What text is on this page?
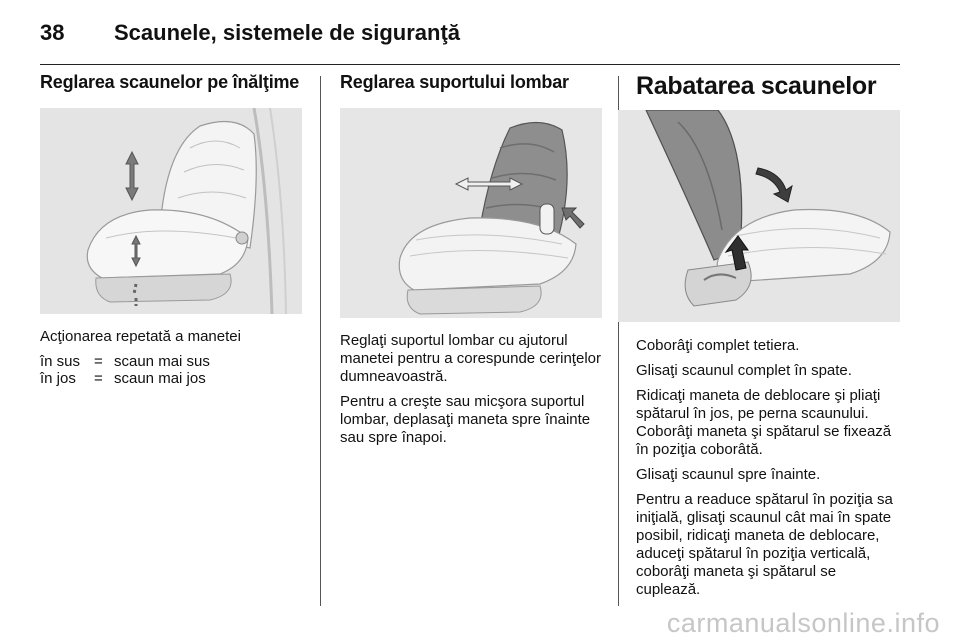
38 Scaunele, sistemele de siguranţă
Reglarea scaunelor pe înălţime

Acţionarea repetată a manetei

în sus	=	scaun mai sus
în jos	=	scaun mai jos
Reglarea suportului lombar

Reglaţi suportul lombar cu ajutorul manetei pentru a corespunde cerinţelor dumneavoastră.

Pentru a creşte sau micşora suportul lombar, deplasaţi maneta spre înainte sau spre înapoi.

Rabatarea scaunelor

Coborâţi complet tetiera.

Glisaţi scaunul complet în spate.

Ridicaţi maneta de deblocare şi pliaţi spătarul în jos, pe perna scaunului. Coborâţi maneta şi spătarul se fixează în poziţia coborâtă.

Glisaţi scaunul spre înainte.

Pentru a readuce spătarul în poziţia sa iniţială, glisaţi scaunul cât mai în spate posibil, ridicaţi maneta de deblocare, aduceţi spătarul în poziţia verticală, coborâţi maneta şi spătarul se cuplează.

carmanualsonline.info
